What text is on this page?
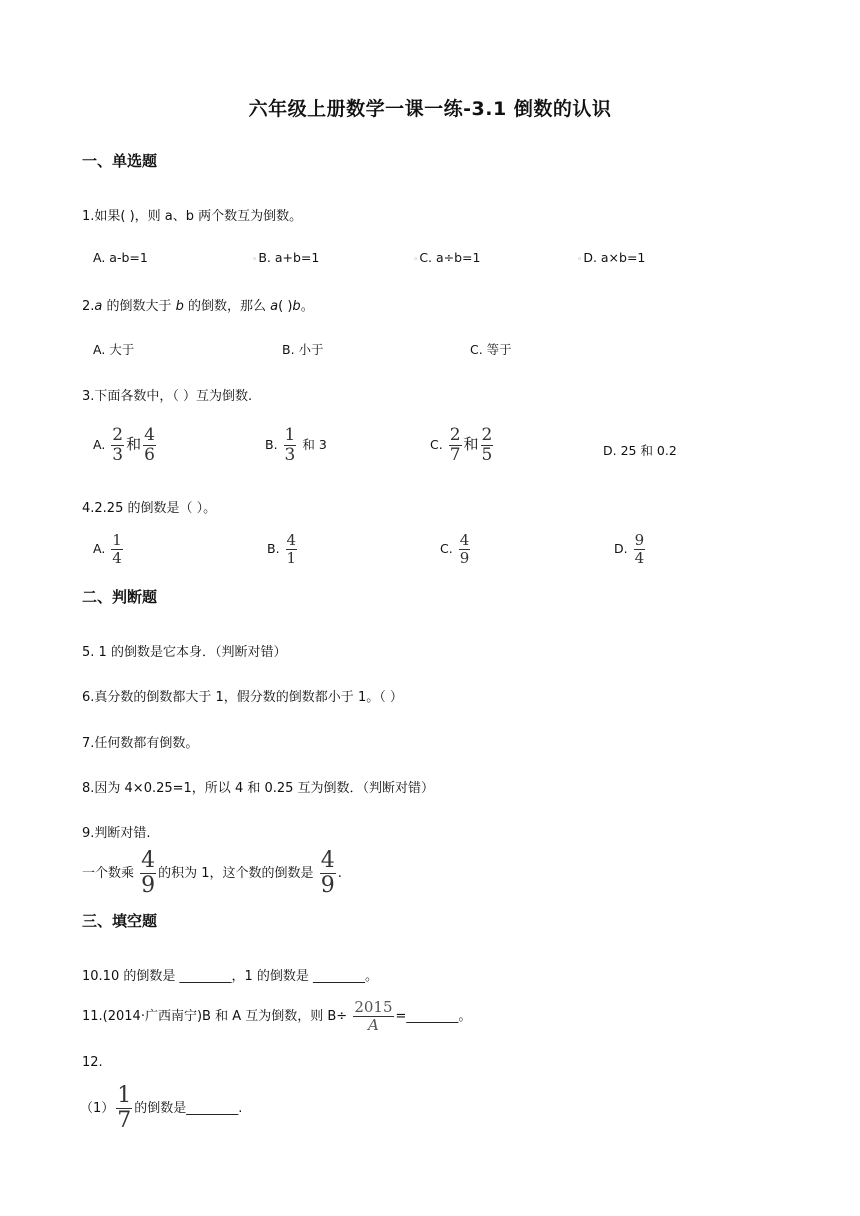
六年级上册数学一课一练-3.1 倒数的认识
一、单选题
1.如果( )，则 a、b 两个数互为倒数。
A. a-b=1	◦B. a+b=1	◦C. a÷b=1	◦D. a×b=1
2.a 的倒数大于 b 的倒数，那么 a( )b。
A. 大于	B. 小于	C. 等于
3.下面各数中，（ ）互为倒数.
A. $\frac{2}{3}$ 和 $\frac{4}{6}$	B. $\frac{1}{3}$ 和 3	C. $\frac{2}{7}$ 和 $\frac{2}{5}$	D. 25 和 0.2
4.2.25 的倒数是（ ）。
A. $\frac{1}{4}$	B. $\frac{4}{1}$	C. $\frac{4}{9}$	D. $\frac{9}{4}$
二、判断题
5. 1 的倒数是它本身．（判断对错）
6.真分数的倒数都大于 1，假分数的倒数都小于 1。（ ）
7.任何数都有倒数。
8.因为 4×0.25=1，所以 4 和 0.25 互为倒数．（判断对错）
9.判断对错.
一个数乘 $\frac{4}{9}$ 的积为 1，这个数的倒数是 $\frac{4}{9}$ .
三、填空题
10.10 的倒数是 ________，1 的倒数是 ________。
11.(2014·广西南宁)B 和 A 互为倒数，则 $B\div \frac{2015}{A}$ =________。
12.
$(1) \frac{1}{7}$ 的倒数是________.
